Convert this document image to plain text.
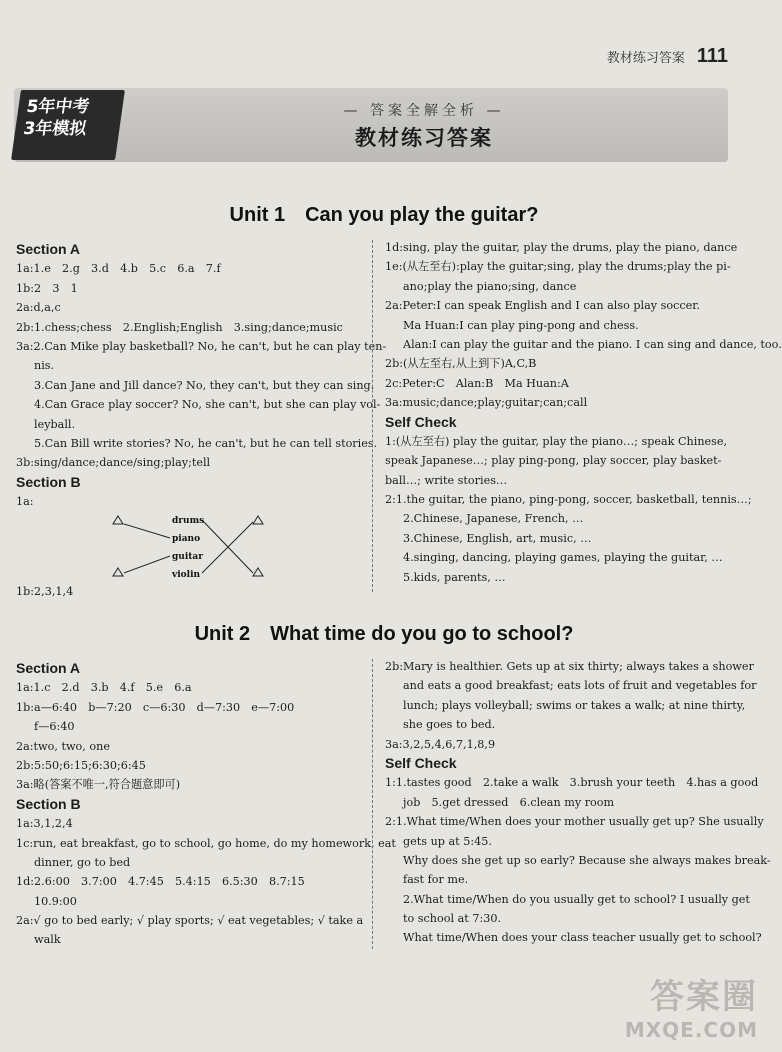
教材练习答案 111
5年中考
3年模拟
— 答案全解全析 —
教材练习答案
Unit 1　Can you play the guitar?
Section A
1a:1.e　2.g　3.d　4.b　5.c　6.a　7.f
1b:2　3　1
2a:d,a,c
2b:1.chess;chess　2.English;English　3.sing;dance;music
3a:2.Can Mike play basketball? No, he can't, but he can play ten-
nis.
3.Can Jane and Jill dance? No, they can't, but they can sing.
4.Can Grace play soccer? No, she can't, but she can play vol-
leyball.
5.Can Bill write stories? No, he can't, but he can tell stories.
3b:sing/dance;dance/sing;play;tell
Section B
1a:
1d:sing, play the guitar, play the drums, play the piano, dance
1e:(从左至右):play the guitar;sing, play the drums;play the pi-
ano;play the piano;sing, dance
2a:Peter:I can speak English and I can also play soccer.
Ma Huan:I can play ping-pong and chess.
Alan:I can play the guitar and the piano. I can sing and dance, too.
2b:(从左至右,从上到下)A,C,B
2c:Peter:C　Alan:B　Ma Huan:A
3a:music;dance;play;guitar;can;call
Self Check
1:(从左至右) play the guitar, play the piano…; speak Chinese,
speak Japanese…; play ping-pong, play soccer, play basket-
ball…; write stories…
2:1.the guitar, the piano, ping-pong, soccer, basketball, tennis…;
2.Chinese, Japanese, French, …
3.Chinese, English, art, music, …
4.singing, dancing, playing games, playing the guitar, …
5.kids, parents, …
drums
piano
guitar
violin
1b:2,3,1,4
Unit 2　What time do you go to school?
Section A
1a:1.c　2.d　3.b　4.f　5.e　6.a
1b:a—6:40　b—7:20　c—6:30　d—7:30　e—7:00
f—6:40
2a:two, two, one
2b:5:50;6:15;6:30;6:45
3a:略(答案不唯一,符合题意即可)
Section B
1a:3,1,2,4
1c:run, eat breakfast, go to school, go home, do my homework, eat
dinner, go to bed
1d:2.6:00　3.7:00　4.7:45　5.4:15　6.5:30　8.7:15
10.9:00
2a:√ go to bed early; √ play sports; √ eat vegetables; √ take a
walk
2b:Mary is healthier. Gets up at six thirty; always takes a shower
and eats a good breakfast; eats lots of fruit and vegetables for
lunch; plays volleyball; swims or takes a walk; at nine thirty,
she goes to bed.
3a:3,2,5,4,6,7,1,8,9
Self Check
1:1.tastes good　2.take a walk　3.brush your teeth　4.has a good
job　5.get dressed　6.clean my room
2:1.What time/When does your mother usually get up? She usually
gets up at 5:45.
Why does she get up so early? Because she always makes break-
fast for me.
2.What time/When do you usually get to school? I usually get
to school at 7:30.
What time/When does your class teacher usually get to school?
答案圈
MXQE.COM
